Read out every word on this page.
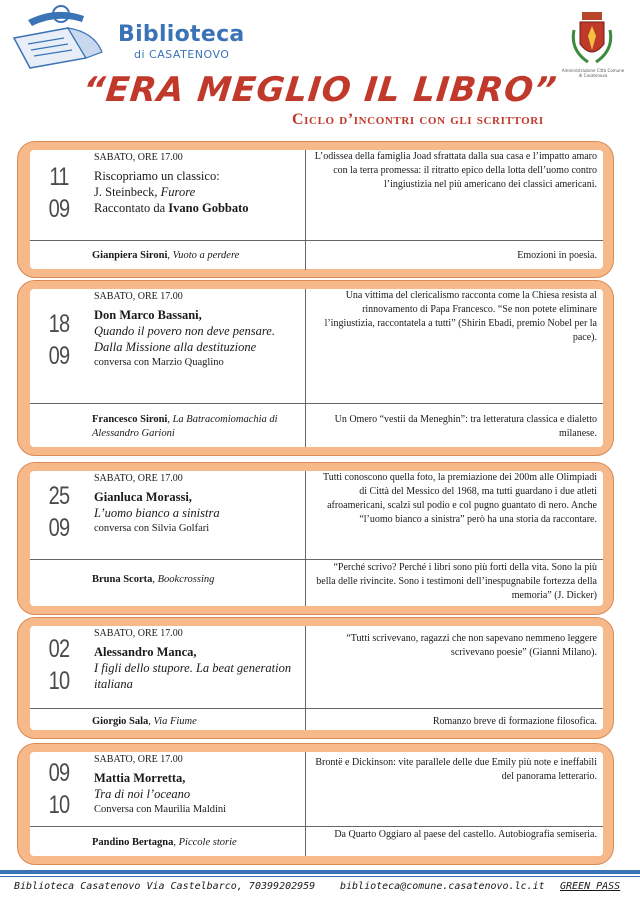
Biblioteca
di CASATENOVO
Amministrazione Città Comune di Casatenovo
“ERA MEGLIO IL LIBRO”
Ciclo d’incontri con gli scrittori
11
09
SABATO, ORE 17.00
Riscopriamo un classico:
J. Steinbeck, Furore
Raccontato da Ivano Gobbato
L’odissea della famiglia Joad sfrattata dalla sua casa e l’impatto amaro con la terra promessa: il ritratto epico della lotta dell’uomo contro l’ingiustizia nel più americano dei classici americani.
Gianpiera Sironi, Vuoto a perdere	Emozioni in poesia.
18
09
SABATO, ORE 17.00
Don Marco Bassani,
Quando il povero non deve pensare. Dalla Missione alla destituzione
conversa con Marzio Quaglino
Una vittima del clericalismo racconta come la Chiesa resista al rinnovamento di Papa Francesco. “Se non potete eliminare l’ingiustizia, raccontatela a tutti” (Shirin Ebadi, premio Nobel per la pace).
Francesco Sironi, La Batracomiomachia di Alessandro Garioni
Un Omero “vestii da Meneghin”: tra letteratura classica e dialetto milanese.
25
09
SABATO, ORE 17.00
Gianluca Morassi,
L’uomo bianco a sinistra
conversa con Silvia Golfari
Tutti conoscono quella foto, la premiazione dei 200m alle Olimpiadi di Città del Messico del 1968, ma tutti guardano i due atleti afroamericani, scalzi sul podio e col pugno guantato di nero. Anche “l’uomo bianco a sinistra” però ha una storia da raccontare.
Bruna Scorta, Bookcrossing
“Perché scrivo? Perché i libri sono più forti della vita. Sono la più bella delle rivincite. Sono i testimoni dell’inespugnabile fortezza della memoria” (J. Dicker)
02
10
SABATO, ORE 17.00
Alessandro Manca,
I figli dello stupore. La beat generation italiana
“Tutti scrivevano, ragazzi che non sapevano nemmeno leggere scrivevano poesie” (Gianni Milano).
Giorgio Sala, Via Fiume	Romanzo breve di formazione filosofica.
09
10
SABATO, ORE 17.00
Mattia Morretta,
Tra di noi l’oceano
Conversa con Maurilia Maldini
Brontë e Dickinson: vite parallele delle due Emily più note e ineffabili del panorama letterario.
Pandino Bertagna, Piccole storie
Da Quarto Oggiaro al paese del castello. Autobiografia semiseria.
Biblioteca Casatenovo Via Castelbarco, 7 0399202959 biblioteca@comune.casatenovo.lc.it GREEN PASS
